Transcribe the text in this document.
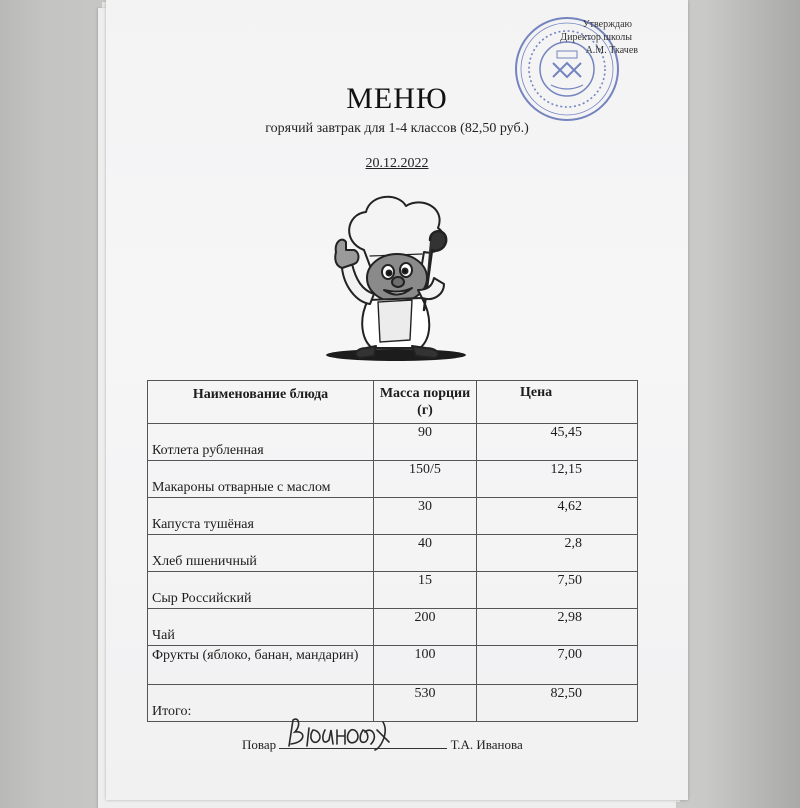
Утверждаю
Директор школы
А.М. Ткачев
МЕНЮ
горячий завтрак для 1-4 классов (82,50 руб.)
20.12.2022
Наименование блюда	Масса порции (г)	Цена
Котлета рубленная	90	45,45
Макароны отварные с маслом	150/5	12,15
Капуста тушёная	30	4,62
Хлеб пшеничный	40	2,8
Сыр Российский	15	7,50
Чай	200	2,98
Фрукты (яблоко, банан, мандарин)	100	7,00
Итого:	530	82,50
Повар	Т.А. Иванова
